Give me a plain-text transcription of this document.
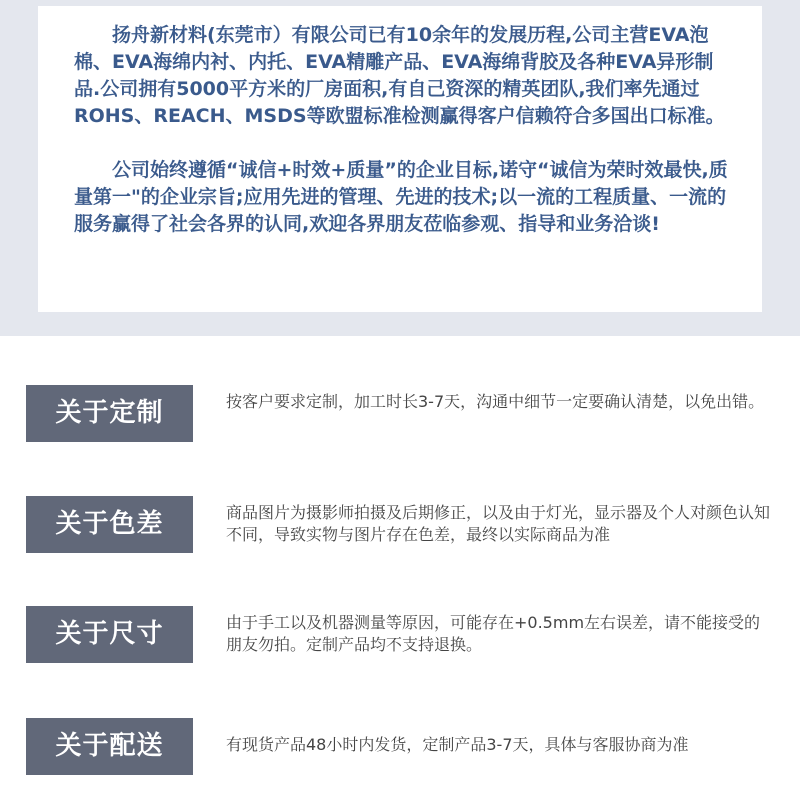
扬舟新材料(东莞市）有限公司已有10余年的发展历程,公司主营EVA泡棉、EVA海绵内衬、内托、EVA精雕产品、EVA海绵背胶及各种EVA异形制品.公司拥有5000平方米的厂房面积,有自己资深的精英团队,我们率先通过ROHS、REACH、MSDS等欧盟标准检测赢得客户信赖符合多国出口标准。

公司始终遵循“诚信+时效+质量”的企业目标,诺守“诚信为荣时效最快,质量第一"的企业宗旨;应用先进的管理、先进的技术;以一流的工程质量、一流的服务赢得了社会各界的认同,欢迎各界朋友莅临参观、指导和业务洽谈!

关于定制	按客户要求定制，加工时长3-7天，沟通中细节一定要确认清楚，以免出错。
关于色差	商品图片为摄影师拍摄及后期修正，以及由于灯光，显示器及个人对颜色认知不同，导致实物与图片存在色差，最终以实际商品为准
关于尺寸	由于手工以及机器测量等原因，可能存在+0.5mm左右误差，请不能接受的朋友勿拍。定制产品均不支持退换。
关于配送	有现货产品48小时内发货，定制产品3-7天，具体与客服协商为准
